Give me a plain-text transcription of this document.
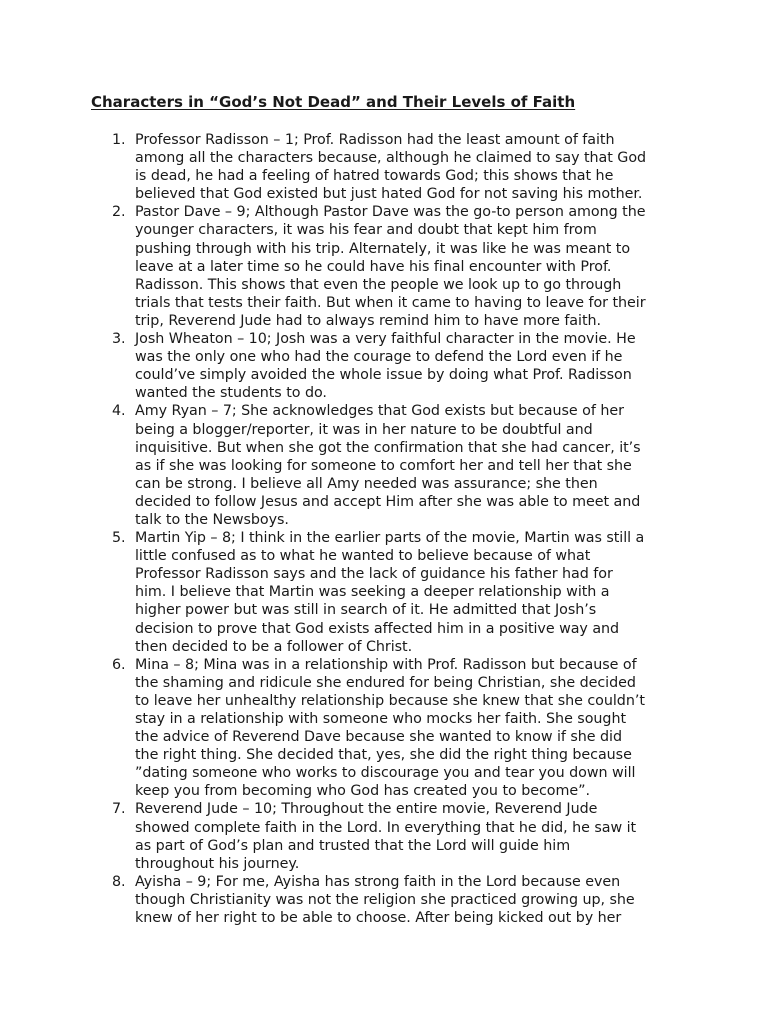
Characters in “God’s Not Dead” and Their Levels of Faith
1. Professor Radisson – 1; Prof. Radisson had the least amount of faith
among all the characters because, although he claimed to say that God
is dead, he had a feeling of hatred towards God; this shows that he
believed that God existed but just hated God for not saving his mother.
2. Pastor Dave – 9; Although Pastor Dave was the go-to person among the
younger characters, it was his fear and doubt that kept him from
pushing through with his trip. Alternately, it was like he was meant to
leave at a later time so he could have his final encounter with Prof.
Radisson. This shows that even the people we look up to go through
trials that tests their faith. But when it came to having to leave for their
trip, Reverend Jude had to always remind him to have more faith.
3. Josh Wheaton – 10; Josh was a very faithful character in the movie. He
was the only one who had the courage to defend the Lord even if he
could’ve simply avoided the whole issue by doing what Prof. Radisson
wanted the students to do.
4. Amy Ryan – 7; She acknowledges that God exists but because of her
being a blogger/reporter, it was in her nature to be doubtful and
inquisitive. But when she got the confirmation that she had cancer, it’s
as if she was looking for someone to comfort her and tell her that she
can be strong. I believe all Amy needed was assurance; she then
decided to follow Jesus and accept Him after she was able to meet and
talk to the Newsboys.
5. Martin Yip – 8; I think in the earlier parts of the movie, Martin was still a
little confused as to what he wanted to believe because of what
Professor Radisson says and the lack of guidance his father had for
him. I believe that Martin was seeking a deeper relationship with a
higher power but was still in search of it. He admitted that Josh’s
decision to prove that God exists affected him in a positive way and
then decided to be a follower of Christ.
6. Mina – 8; Mina was in a relationship with Prof. Radisson but because of
the shaming and ridicule she endured for being Christian, she decided
to leave her unhealthy relationship because she knew that she couldn’t
stay in a relationship with someone who mocks her faith. She sought
the advice of Reverend Dave because she wanted to know if she did
the right thing. She decided that, yes, she did the right thing because
”dating someone who works to discourage you and tear you down will
keep you from becoming who God has created you to become”.
7. Reverend Jude – 10; Throughout the entire movie, Reverend Jude
showed complete faith in the Lord. In everything that he did, he saw it
as part of God’s plan and trusted that the Lord will guide him
throughout his journey.
8. Ayisha – 9; For me, Ayisha has strong faith in the Lord because even
though Christianity was not the religion she practiced growing up, she
knew of her right to be able to choose. After being kicked out by her
